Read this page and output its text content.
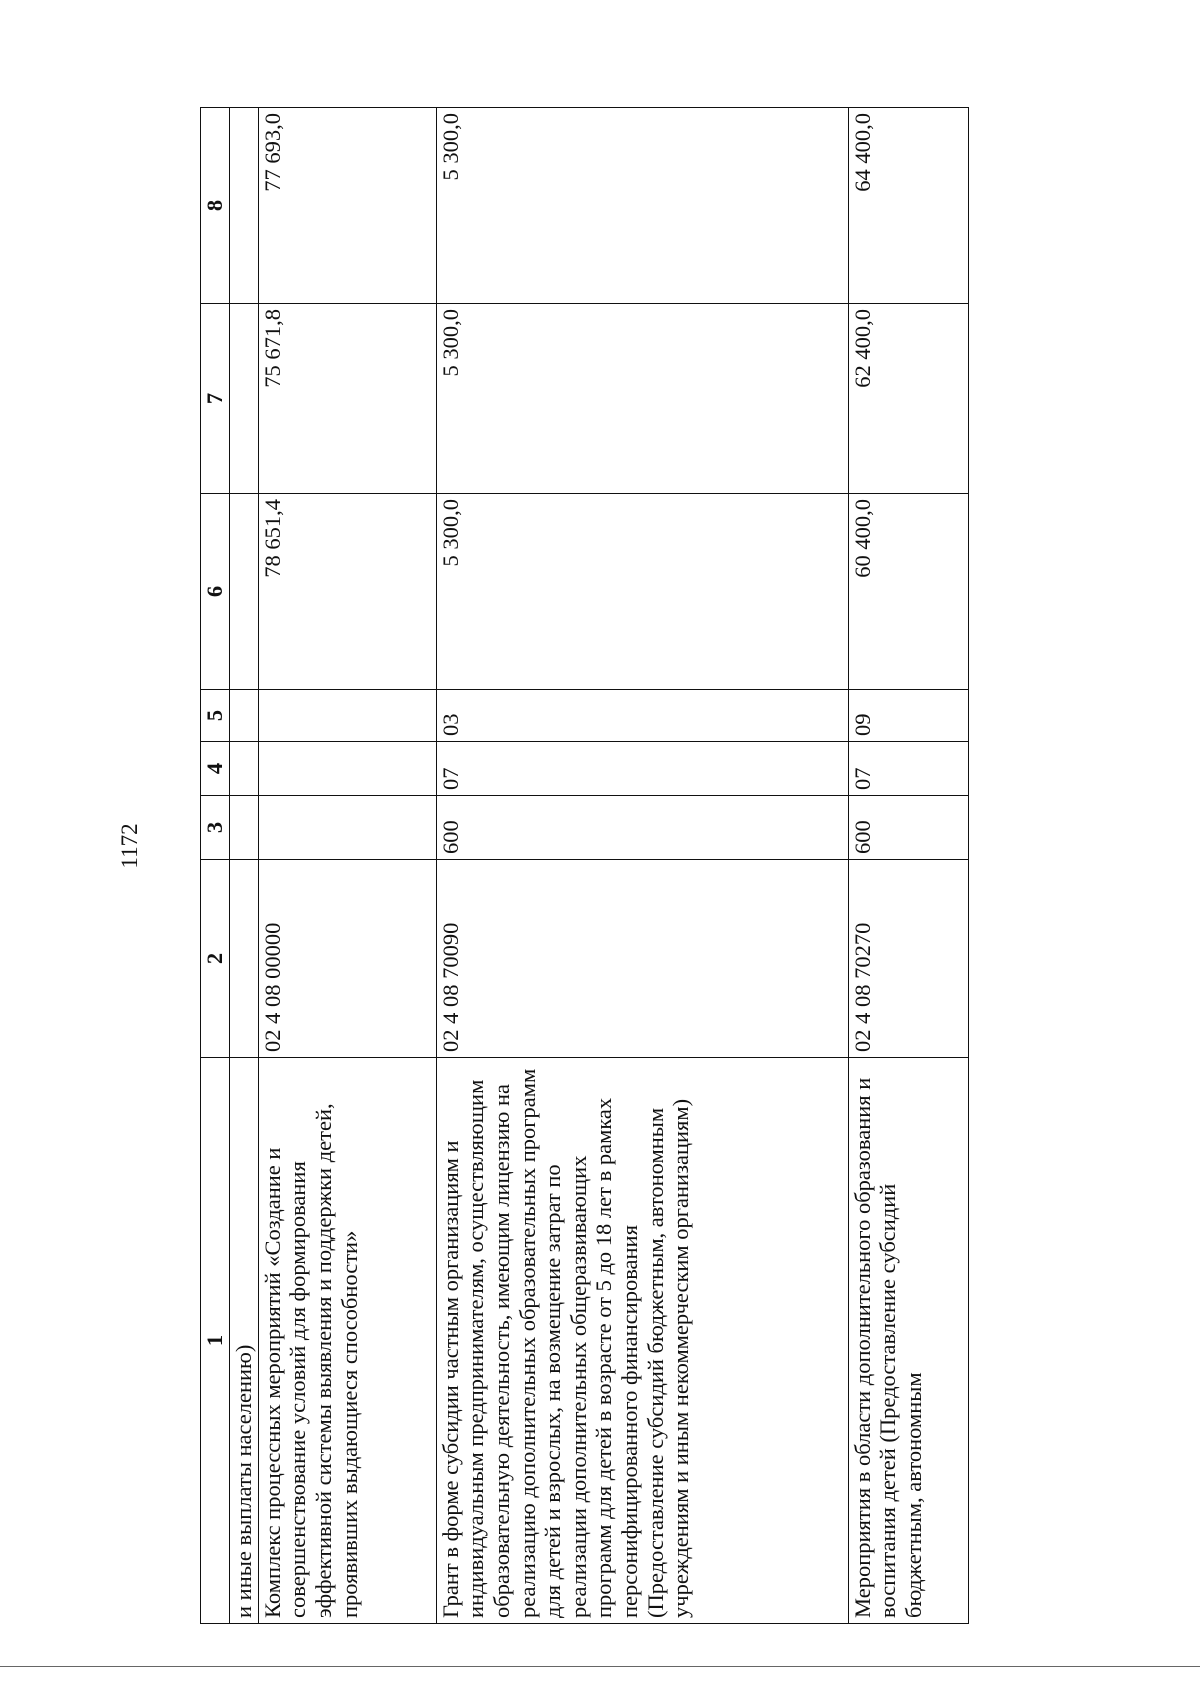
1172
1	2	3	4	5	6	7	8
и иные выплаты населению)							
Комплекс процессных мероприятий «Создание и совершенствование условий для формирования эффективной системы выявления и поддержки детей, проявивших выдающиеся способности»	02 4 08 00000				78 651,4	75 671,8	77 693,0
Грант в форме субсидии частным организациям и индивидуальным предпринимателям, осуществляющим образовательную деятельность, имеющим лицензию на реализацию дополнительных образовательных программ для детей и взрослых, на возмещение затрат по реализации дополнительных общеразвивающих программ для детей в возрасте от 5 до 18 лет в рамках персонифицированного финансирования (Предоставление субсидий бюджетным, автономным учреждениям и иным некоммерческим организациям)	02 4 08 70090	600	07	03	5 300,0	5 300,0	5 300,0
Мероприятия в области дополнительного образования и воспитания детей (Предоставление субсидий бюджетным, автономным	02 4 08 70270	600	07	09	60 400,0	62 400,0	64 400,0
